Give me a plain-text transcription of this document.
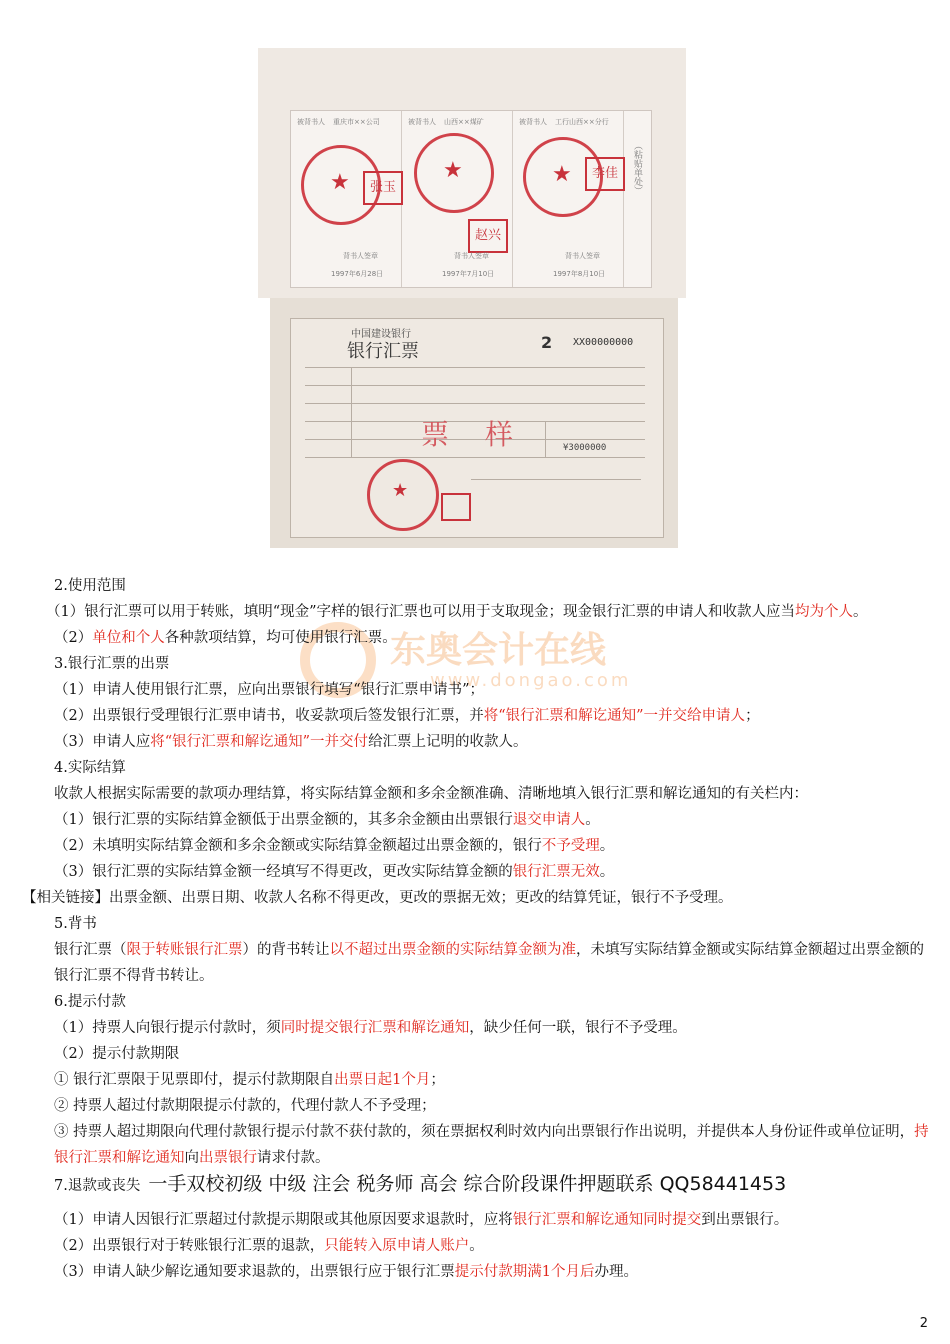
被背书人 重庆市××公司
★	张玉
背书人签章
1997年6月28日
被背书人 山西××煤矿
★
赵兴
背书人签章
1997年7月10日
被背书人 工行山西××分行
★	李佳
背书人签章
1997年8月10日
（粘贴单处）
中国建设银行
银行汇票	2 XX00000000
票样 ¥3000000
★
东奥会计在线
www.dongao.com

2.使用范围

（1）银行汇票可以用于转账，填明“现金”字样的银行汇票也可以用于支取现金；现金银行汇票的申请人和收款人应当均为个人。

（2）单位和个人各种款项结算，均可使用银行汇票。

3.银行汇票的出票

（1）申请人使用银行汇票，应向出票银行填写“银行汇票申请书”；

（2）出票银行受理银行汇票申请书，收妥款项后签发银行汇票，并将“银行汇票和解讫通知”一并交给申请人；

（3）申请人应将“银行汇票和解讫通知”一并交付给汇票上记明的收款人。

4.实际结算

收款人根据实际需要的款项办理结算，将实际结算金额和多余金额准确、清晰地填入银行汇票和解讫通知的有关栏内：

（1）银行汇票的实际结算金额低于出票金额的，其多余金额由出票银行退交申请人。

（2）未填明实际结算金额和多余金额或实际结算金额超过出票金额的，银行不予受理。

（3）银行汇票的实际结算金额一经填写不得更改，更改实际结算金额的银行汇票无效。

【相关链接】出票金额、出票日期、收款人名称不得更改，更改的票据无效；更改的结算凭证，银行不予受理。

5.背书

银行汇票（限于转账银行汇票）的背书转让以不超过出票金额的实际结算金额为准，未填写实际结算金额或实际结算金额超过出票金额的银行汇票不得背书转让。

6.提示付款

（1）持票人向银行提示付款时，须同时提交银行汇票和解讫通知，缺少任何一联，银行不予受理。

（2）提示付款期限

① 银行汇票限于见票即付，提示付款期限自出票日起1个月；

② 持票人超过付款期限提示付款的，代理付款人不予受理；

③ 持票人超过期限向代理付款银行提示付款不获付款的，须在票据权利时效内向出票银行作出说明，并提供本人身份证件或单位证明，持银行汇票和解讫通知向出票银行请求付款。

7.退款或丧失 一手双校初级 中级 注会 税务师 高会 综合阶段课件押题联系 QQ58441453

（1）申请人因银行汇票超过付款提示期限或其他原因要求退款时，应将银行汇票和解讫通知同时提交到出票银行。

（2）出票银行对于转账银行汇票的退款，只能转入原申请人账户。

（3）申请人缺少解讫通知要求退款的，出票银行应于银行汇票提示付款期满1个月后办理。

2
